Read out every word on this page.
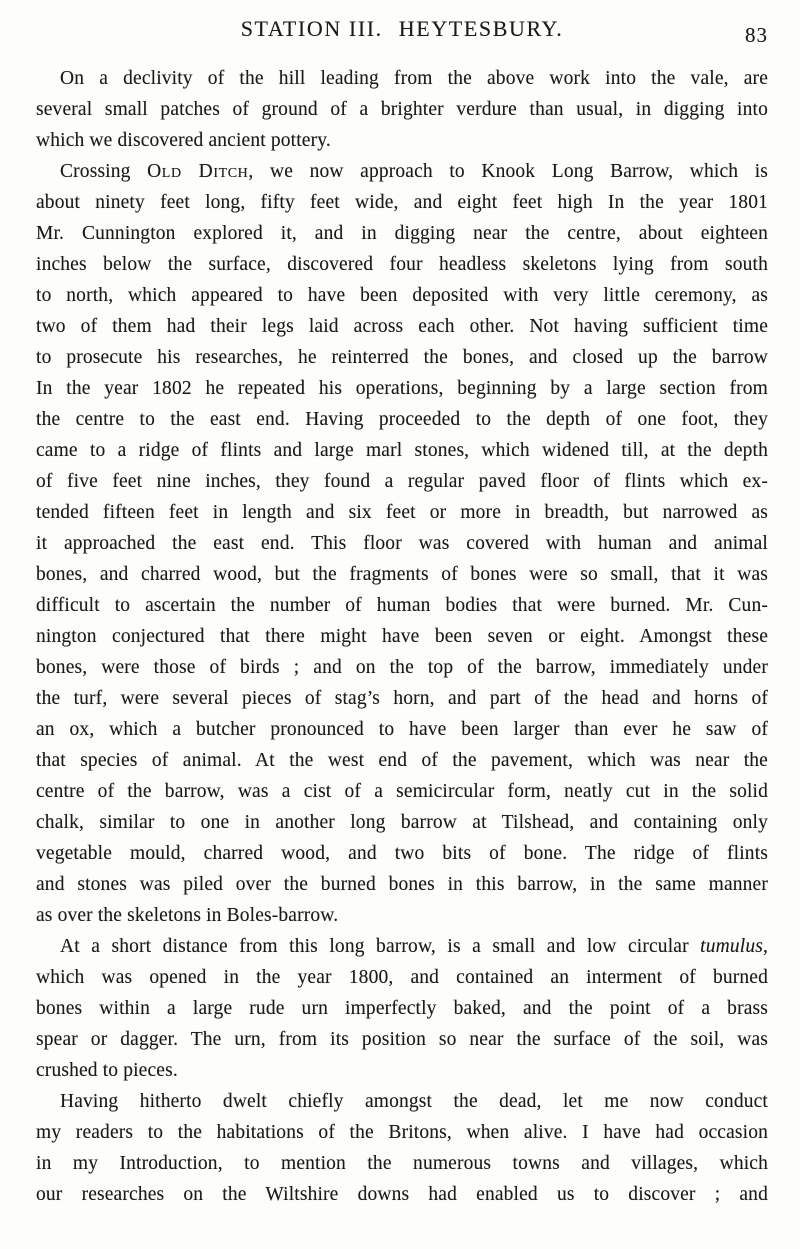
STATION III. HEYTESBURY.	83

On a declivity of the hill leading from the above work into the vale, are
several small patches of ground of a brighter verdure than usual, in digging into
which we discovered ancient pottery.

Crossing Old Ditch, we now approach to Knook Long Barrow, which is
about ninety feet long, fifty feet wide, and eight feet high In the year 1801
Mr. Cunnington explored it, and in digging near the centre, about eighteen
inches below the surface, discovered four headless skeletons lying from south
to north, which appeared to have been deposited with very little ceremony, as
two of them had their legs laid across each other. Not having sufficient time
to prosecute his researches, he reinterred the bones, and closed up the barrow
In the year 1802 he repeated his operations, beginning by a large section from
the centre to the east end. Having proceeded to the depth of one foot, they
came to a ridge of flints and large marl stones, which widened till, at the depth
of five feet nine inches, they found a regular paved floor of flints which ex-
tended fifteen feet in length and six feet or more in breadth, but narrowed as
it approached the east end. This floor was covered with human and animal
bones, and charred wood, but the fragments of bones were so small, that it was
difficult to ascertain the number of human bodies that were burned. Mr. Cun-
nington conjectured that there might have been seven or eight. Amongst these
bones, were those of birds ; and on the top of the barrow, immediately under
the turf, were several pieces of stag’s horn, and part of the head and horns of
an ox, which a butcher pronounced to have been larger than ever he saw of
that species of animal. At the west end of the pavement, which was near the
centre of the barrow, was a cist of a semicircular form, neatly cut in the solid
chalk, similar to one in another long barrow at Tilshead, and containing only
vegetable mould, charred wood, and two bits of bone. The ridge of flints
and stones was piled over the burned bones in this barrow, in the same manner
as over the skeletons in Boles-barrow.

At a short distance from this long barrow, is a small and low circular tumulus,
which was opened in the year 1800, and contained an interment of burned
bones within a large rude urn imperfectly baked, and the point of a brass
spear or dagger. The urn, from its position so near the surface of the soil, was
crushed to pieces.

Having hitherto dwelt chiefly amongst the dead, let me now conduct
my readers to the habitations of the Britons, when alive. I have had occasion
in my Introduction, to mention the numerous towns and villages, which
our researches on the Wiltshire downs had enabled us to discover ; and
